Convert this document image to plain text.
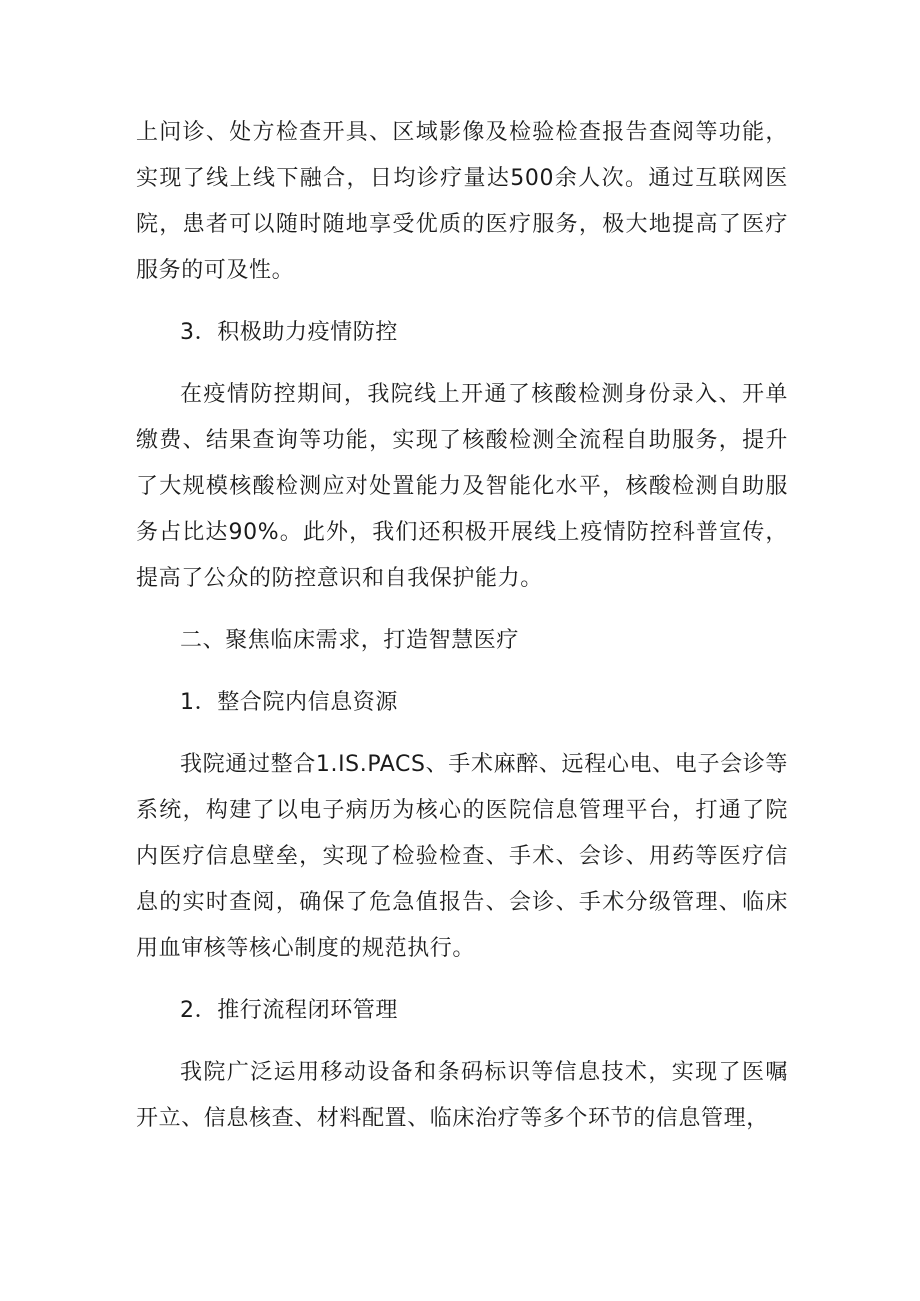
上问诊、处方检查开具、区域影像及检验检查报告查阅等功能，实现了线上线下融合，日均诊疗量达500余人次。通过互联网医院，患者可以随时随地享受优质的医疗服务，极大地提高了医疗服务的可及性。

3．积极助力疫情防控

在疫情防控期间，我院线上开通了核酸检测身份录入、开单缴费、结果查询等功能，实现了核酸检测全流程自助服务，提升了大规模核酸检测应对处置能力及智能化水平，核酸检测自助服务占比达90%。此外，我们还积极开展线上疫情防控科普宣传，提高了公众的防控意识和自我保护能力。

二、聚焦临床需求，打造智慧医疗

1．整合院内信息资源

我院通过整合1.IS.PACS、手术麻醉、远程心电、电子会诊等系统，构建了以电子病历为核心的医院信息管理平台，打通了院内医疗信息壁垒，实现了检验检查、手术、会诊、用药等医疗信息的实时查阅，确保了危急值报告、会诊、手术分级管理、临床用血审核等核心制度的规范执行。

2．推行流程闭环管理

我院广泛运用移动设备和条码标识等信息技术，实现了医嘱开立、信息核查、材料配置、临床治疗等多个环节的信息管理，
